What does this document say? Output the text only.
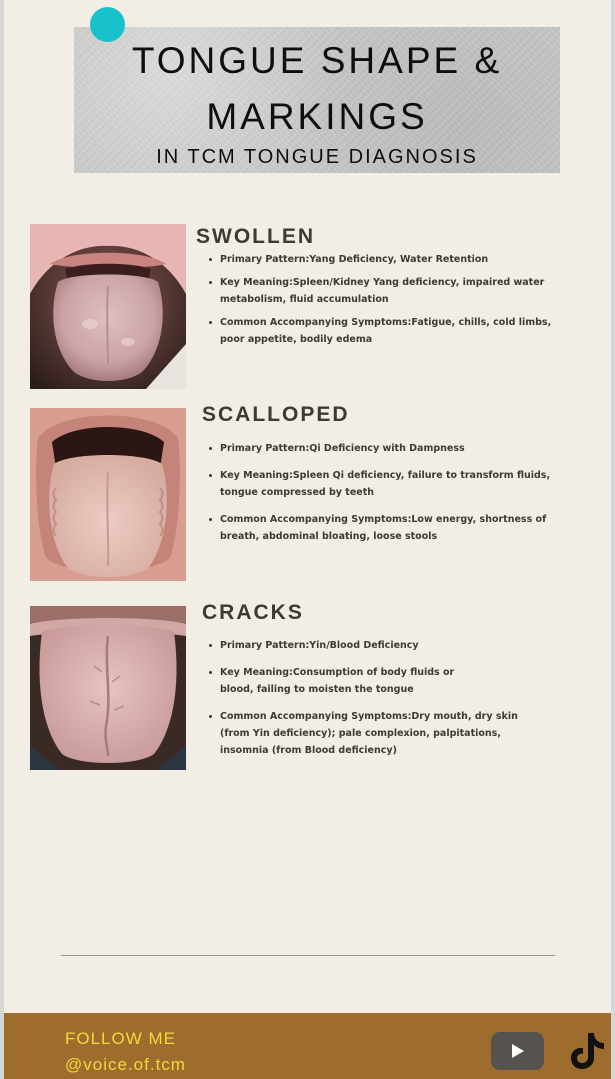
TONGUE SHAPE & MARKINGS
IN TCM TONGUE DIAGNOSIS
SWOLLEN
Primary Pattern:Yang Deficiency, Water Retention
Key Meaning:Spleen/Kidney Yang deficiency, impaired water metabolism, fluid accumulation
Common Accompanying Symptoms:Fatigue, chills, cold limbs, poor appetite, bodily edema
SCALLOPED
Primary Pattern:Qi Deficiency with Dampness
Key Meaning:Spleen Qi deficiency, failure to transform fluids, tongue compressed by teeth
Common Accompanying Symptoms:Low energy, shortness of breath, abdominal bloating, loose stools
CRACKS
Primary Pattern:Yin/Blood Deficiency
Key Meaning:Consumption of body fluids or blood, failing to moisten the tongue
Common Accompanying Symptoms:Dry mouth, dry skin (from Yin deficiency); pale complexion, palpitations, insomnia (from Blood deficiency)
FOLLOW ME
@voice.of.tcm
